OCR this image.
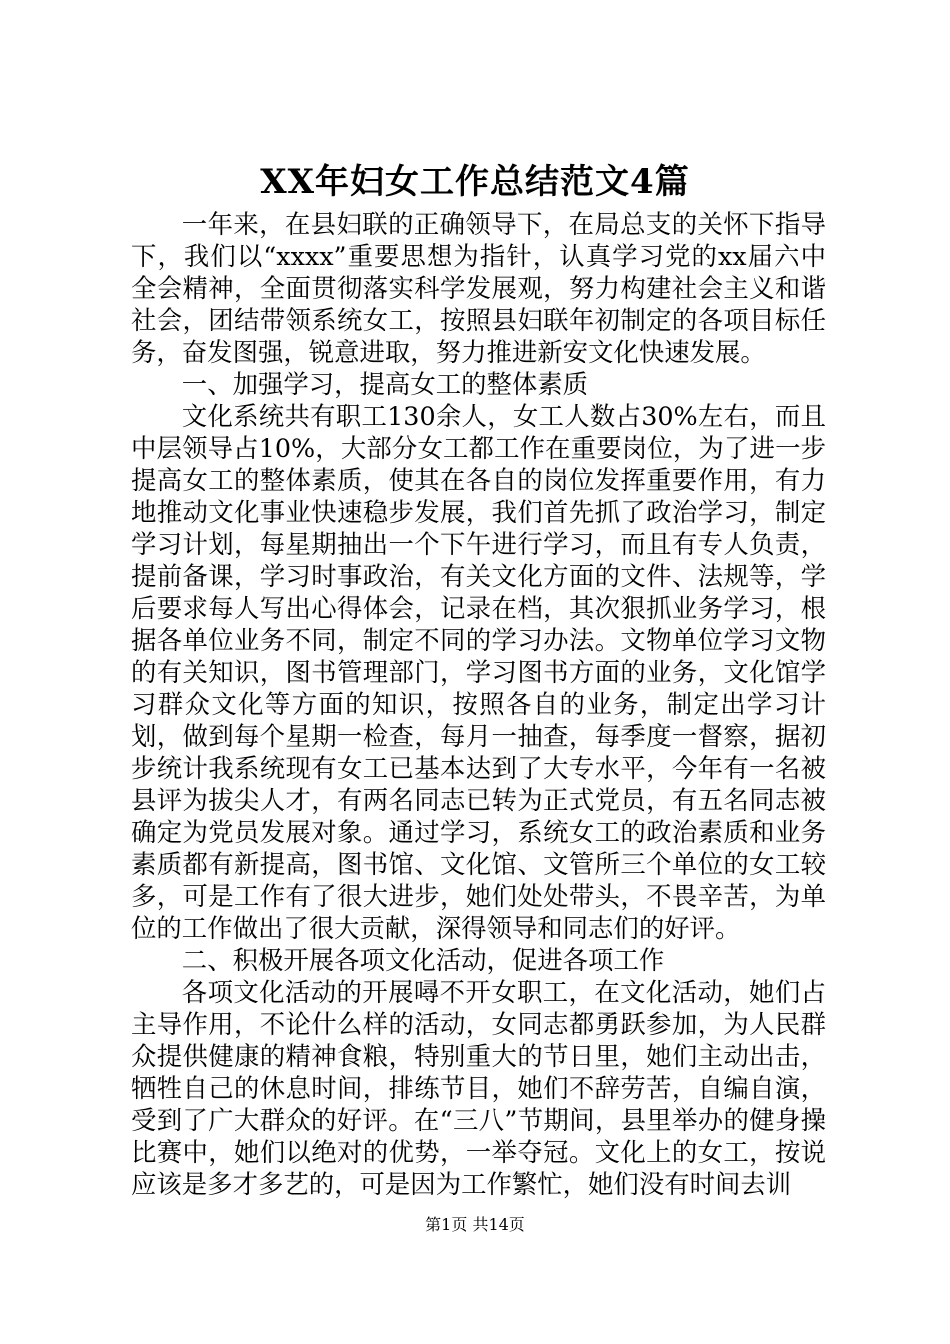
XX年妇女工作总结范文4篇

一年来，在县妇联的正确领导下，在局总支的关怀下指导下，我们以“xxxx”重要思想为指针，认真学习党的xx届六中全会精神，全面贯彻落实科学发展观，努力构建社会主义和谐社会，团结带领系统女工，按照县妇联年初制定的各项目标任务，奋发图强，锐意进取，努力推进新安文化快速发展。

一、加强学习，提高女工的整体素质

文化系统共有职工130余人，女工人数占30%左右，而且中层领导占10%，大部分女工都工作在重要岗位，为了进一步提高女工的整体素质，使其在各自的岗位发挥重要作用，有力地推动文化事业快速稳步发展，我们首先抓了政治学习，制定学习计划，每星期抽出一个下午进行学习，而且有专人负责，提前备课，学习时事政治，有关文化方面的文件、法规等，学后要求每人写出心得体会，记录在档，其次狠抓业务学习，根据各单位业务不同，制定不同的学习办法。文物单位学习文物的有关知识，图书管理部门，学习图书方面的业务，文化馆学习群众文化等方面的知识，按照各自的业务，制定出学习计划，做到每个星期一检查，每月一抽查，每季度一督察，据初步统计我系统现有女工已基本达到了大专水平，今年有一名被县评为拔尖人才，有两名同志已转为正式党员，有五名同志被确定为党员发展对象。通过学习，系统女工的政治素质和业务素质都有新提高，图书馆、文化馆、文管所三个单位的女工较多，可是工作有了很大进步，她们处处带头，不畏辛苦，为单位的工作做出了很大贡献，深得领导和同志们的好评。

二、积极开展各项文化活动，促进各项工作

各项文化活动的开展噚不开女职工，在文化活动，她们占主导作用，不论什么样的活动，女同志都勇跃参加，为人民群众提供健康的精神食粮，特别重大的节日里，她们主动出击，牺牲自己的休息时间，排练节目，她们不辞劳苦，自编自演，受到了广大群众的好评。在“三八”节期间，县里举办的健身操比赛中，她们以绝对的优势，一举夺冠。文化上的女工，按说应该是多才多艺的，可是因为工作繁忙，她们没有时间去训

第1页 共14页
